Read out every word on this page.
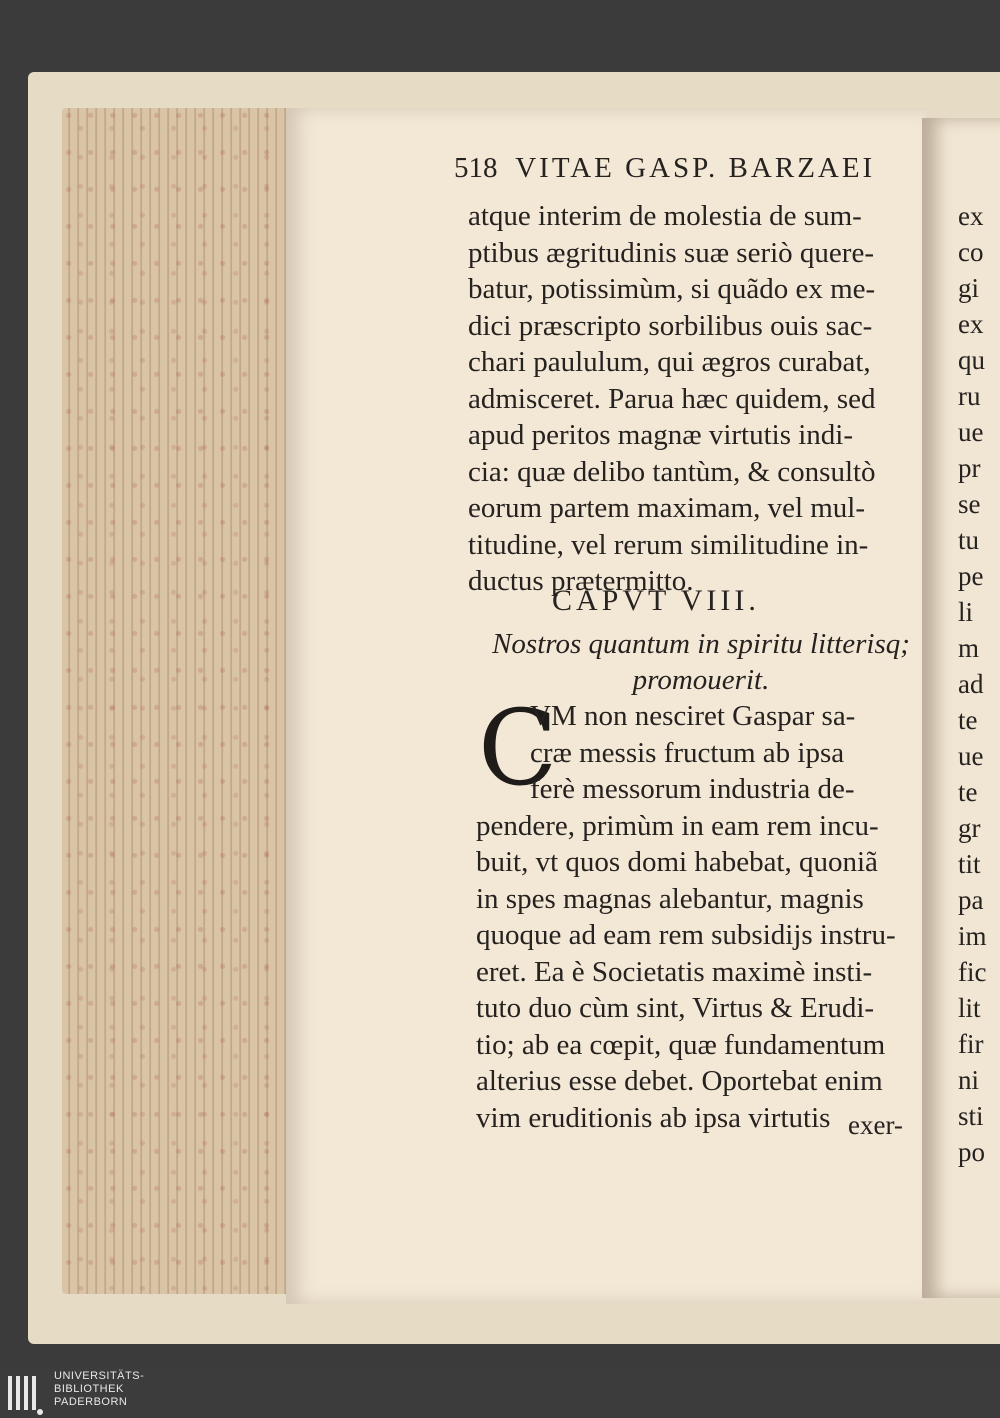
518 VITAE GASP. BARZAEI
atque interim de molestia de sum-
ptibus ægritudinis suæ seriò quere-
batur, potissimùm, si quãdo ex me-
dici præscripto sorbilibus ouis sac-
chari paululum, qui ægros curabat,
admisceret. Parua hæc quidem, sed
apud peritos magnæ virtutis indi-
cia: quæ delibo tantùm, & consultò
eorum partem maximam, vel mul-
titudine, vel rerum similitudine in-
ductus prætermitto.
CAPVT VIII.
Nostros quantum in spiritu litterisq;
promouerit.
C
VM non nesciret Gaspar sa-
cræ messis fructum ab ipsa
ferè messorum industria de-
pendere, primùm in eam rem incu-
buit, vt quos domi habebat, quoniã
in spes magnas alebantur, magnis
quoque ad eam rem subsidijs instru-
eret. Ea è Societatis maximè insti-
tuto duo cùm sint, Virtus & Erudi-
tio; ab ea cœpit, quæ fundamentum
alterius esse debet. Oportebat enim
vim eruditionis ab ipsa virtutis exer-
ex
co
gi
ex
qu
ru
ue
pr
se
tu
pe
li
m
ad
te
ue
te
gr
tit
pa
im
fic
lit
fir
ni
sti
po
UNIVERSITÄTS-
BIBLIOTHEK
PADERBORN
